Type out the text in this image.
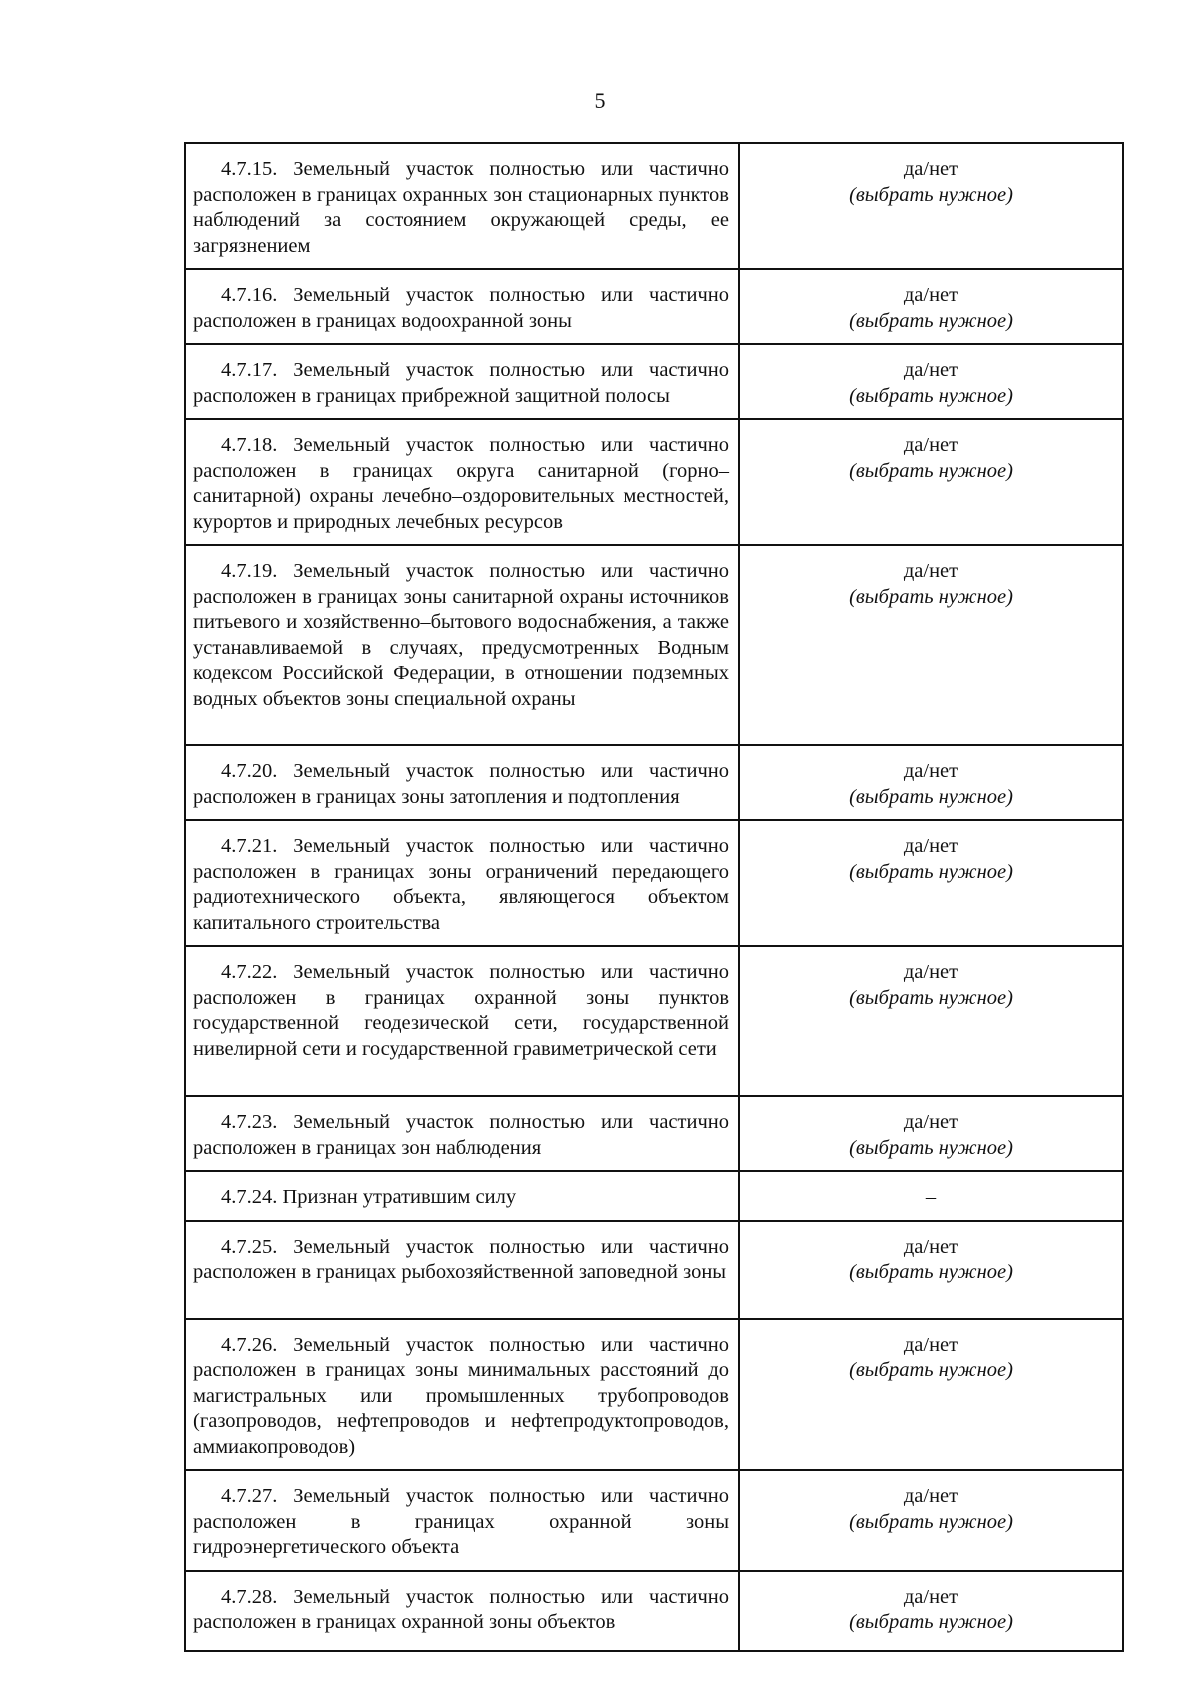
5
4.7.15. Земельный участок полностью или частично расположен в границах охранных зон стационарных пунктов наблюдений за состоянием окружающей среды, ее загрязнением	да/нет
(выбрать нужное)

4.7.16. Земельный участок полностью или частично расположен в границах водоохранной зоны	да/нет
(выбрать нужное)

4.7.17. Земельный участок полностью или частично расположен в границах прибрежной защитной полосы	да/нет
(выбрать нужное)

4.7.18. Земельный участок полностью или частично расположен в границах округа санитарной (горно–санитарной) охраны лечебно–оздоровительных местностей, курортов и природных лечебных ресурсов	да/нет
(выбрать нужное)

4.7.19. Земельный участок полностью или частично расположен в границах зоны санитарной охраны источников питьевого и хозяйственно–бытового водоснабжения, а также устанавливаемой в случаях, предусмотренных Водным кодексом Российской Федерации, в отношении подземных водных объектов зоны специальной охраны	да/нет
(выбрать нужное)

4.7.20. Земельный участок полностью или частично расположен в границах зоны затопления и подтопления	да/нет
(выбрать нужное)

4.7.21. Земельный участок полностью или частично расположен в границах зоны ограничений передающего радиотехнического объекта, являющегося объектом капитального строительства	да/нет
(выбрать нужное)

4.7.22. Земельный участок полностью или частично расположен в границах охранной зоны пунктов государственной геодезической сети, государственной нивелирной сети и государственной гравиметрической сети	да/нет
(выбрать нужное)

4.7.23. Земельный участок полностью или частично расположен в границах зон наблюдения	да/нет
(выбрать нужное)

4.7.24. Признан утратившим силу	–

4.7.25. Земельный участок полностью или частично расположен в границах рыбохозяйственной заповедной зоны	да/нет
(выбрать нужное)

4.7.26. Земельный участок полностью или частично расположен в границах зоны минимальных расстояний до магистральных или промышленных трубопроводов (газопроводов, нефтепроводов и нефтепродуктопроводов, аммиакопроводов)	да/нет
(выбрать нужное)

4.7.27. Земельный участок полностью или частично расположен в границах охранной зоны гидроэнергетического объекта	да/нет
(выбрать нужное)

4.7.28. Земельный участок полностью или частично расположен в границах охранной зоны объектов	да/нет
(выбрать нужное)
